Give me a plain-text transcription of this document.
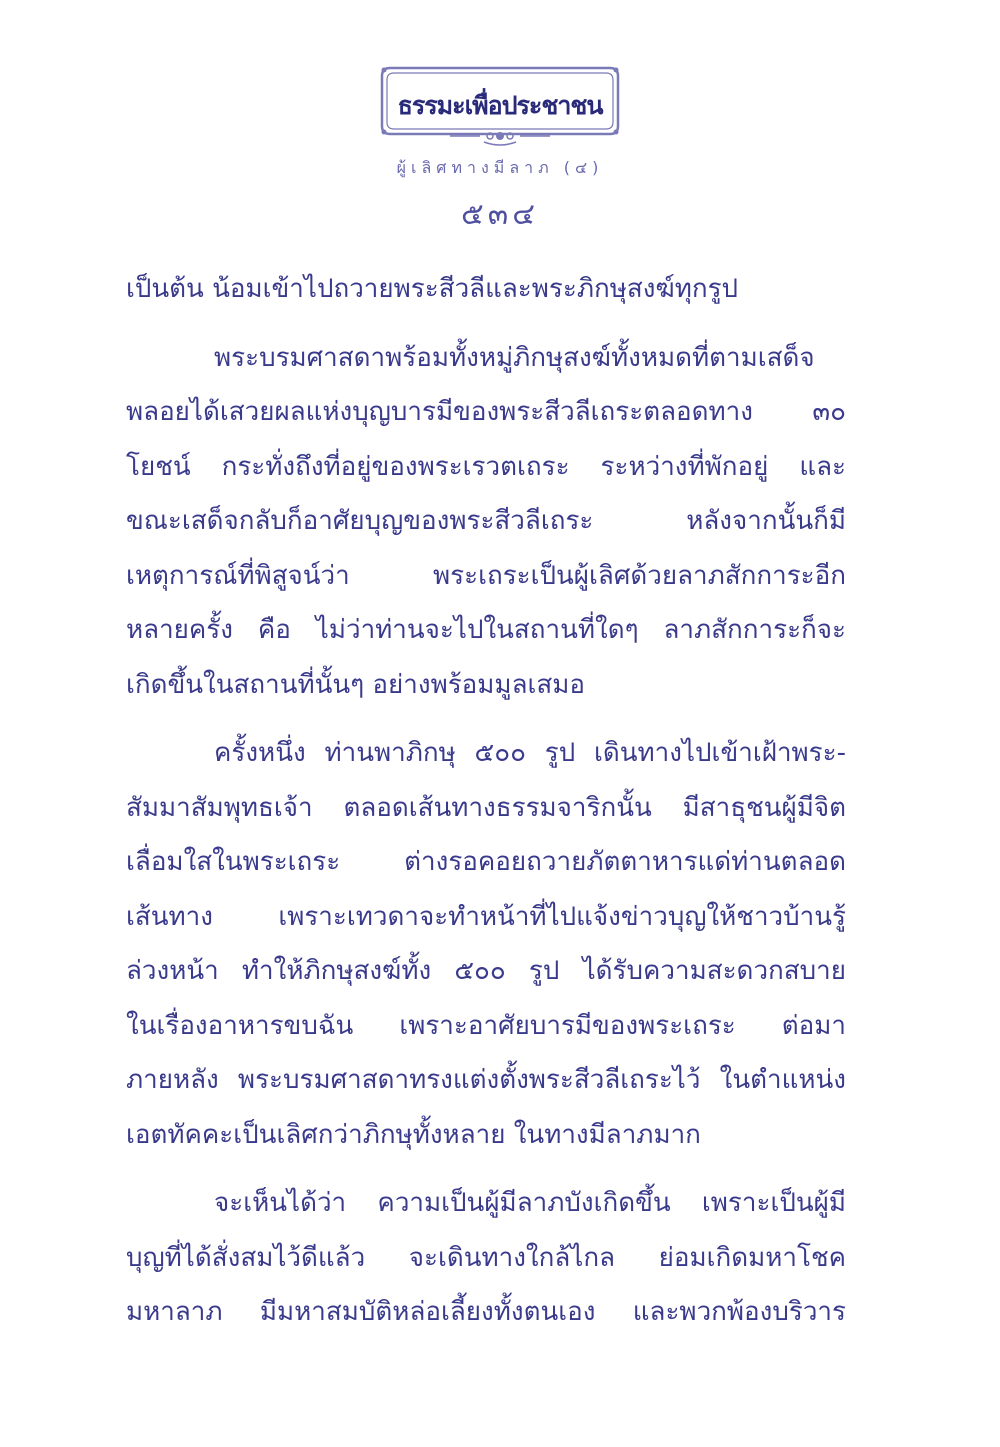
ธรรมะเพื่อประชาชน
ผู้เลิศทางมีลาภ (๔)
๕๓๔
เป็นต้น น้อมเข้าไปถวายพระสีวลีและพระภิกษุสงฆ์ทุกรูป
พระบรมศาสดาพร้อมทั้งหมู่ภิกษุสงฆ์ทั้งหมดที่ตามเสด็จ
พลอยได้เสวยผลแห่งบุญบารมีของพระสีวลีเถระตลอดทาง ๓๐
โยชน์ กระทั่งถึงที่อยู่ของพระเรวตเถระ ระหว่างที่พักอยู่ และ
ขณะเสด็จกลับก็อาศัยบุญของพระสีวลีเถระ หลังจากนั้นก็มี
เหตุการณ์ที่พิสูจน์ว่า พระเถระเป็นผู้เลิศด้วยลาภสักการะอีก
หลายครั้ง คือ ไม่ว่าท่านจะไปในสถานที่ใดๆ ลาภสักการะก็จะ
เกิดขึ้นในสถานที่นั้นๆ อย่างพร้อมมูลเสมอ
ครั้งหนึ่ง ท่านพาภิกษุ ๕๐๐ รูป เดินทางไปเข้าเฝ้าพระ-
สัมมาสัมพุทธเจ้า ตลอดเส้นทางธรรมจาริกนั้น มีสาธุชนผู้มีจิต
เลื่อมใสในพระเถระ ต่างรอคอยถวายภัตตาหารแด่ท่านตลอด
เส้นทาง เพราะเทวดาจะทำหน้าที่ไปแจ้งข่าวบุญให้ชาวบ้านรู้
ล่วงหน้า ทำให้ภิกษุสงฆ์ทั้ง ๕๐๐ รูป ได้รับความสะดวกสบาย
ในเรื่องอาหารขบฉัน เพราะอาศัยบารมีของพระเถระ ต่อมา
ภายหลัง พระบรมศาสดาทรงแต่งตั้งพระสีวลีเถระไว้ ในตำแหน่ง
เอตทัคคะเป็นเลิศกว่าภิกษุทั้งหลาย ในทางมีลาภมาก
จะเห็นได้ว่า ความเป็นผู้มีลาภบังเกิดขึ้น เพราะเป็นผู้มี
บุญที่ได้สั่งสมไว้ดีแล้ว จะเดินทางใกล้ไกล ย่อมเกิดมหาโชค
มหาลาภ มีมหาสมบัติหล่อเลี้ยงทั้งตนเอง และพวกพ้องบริวาร
